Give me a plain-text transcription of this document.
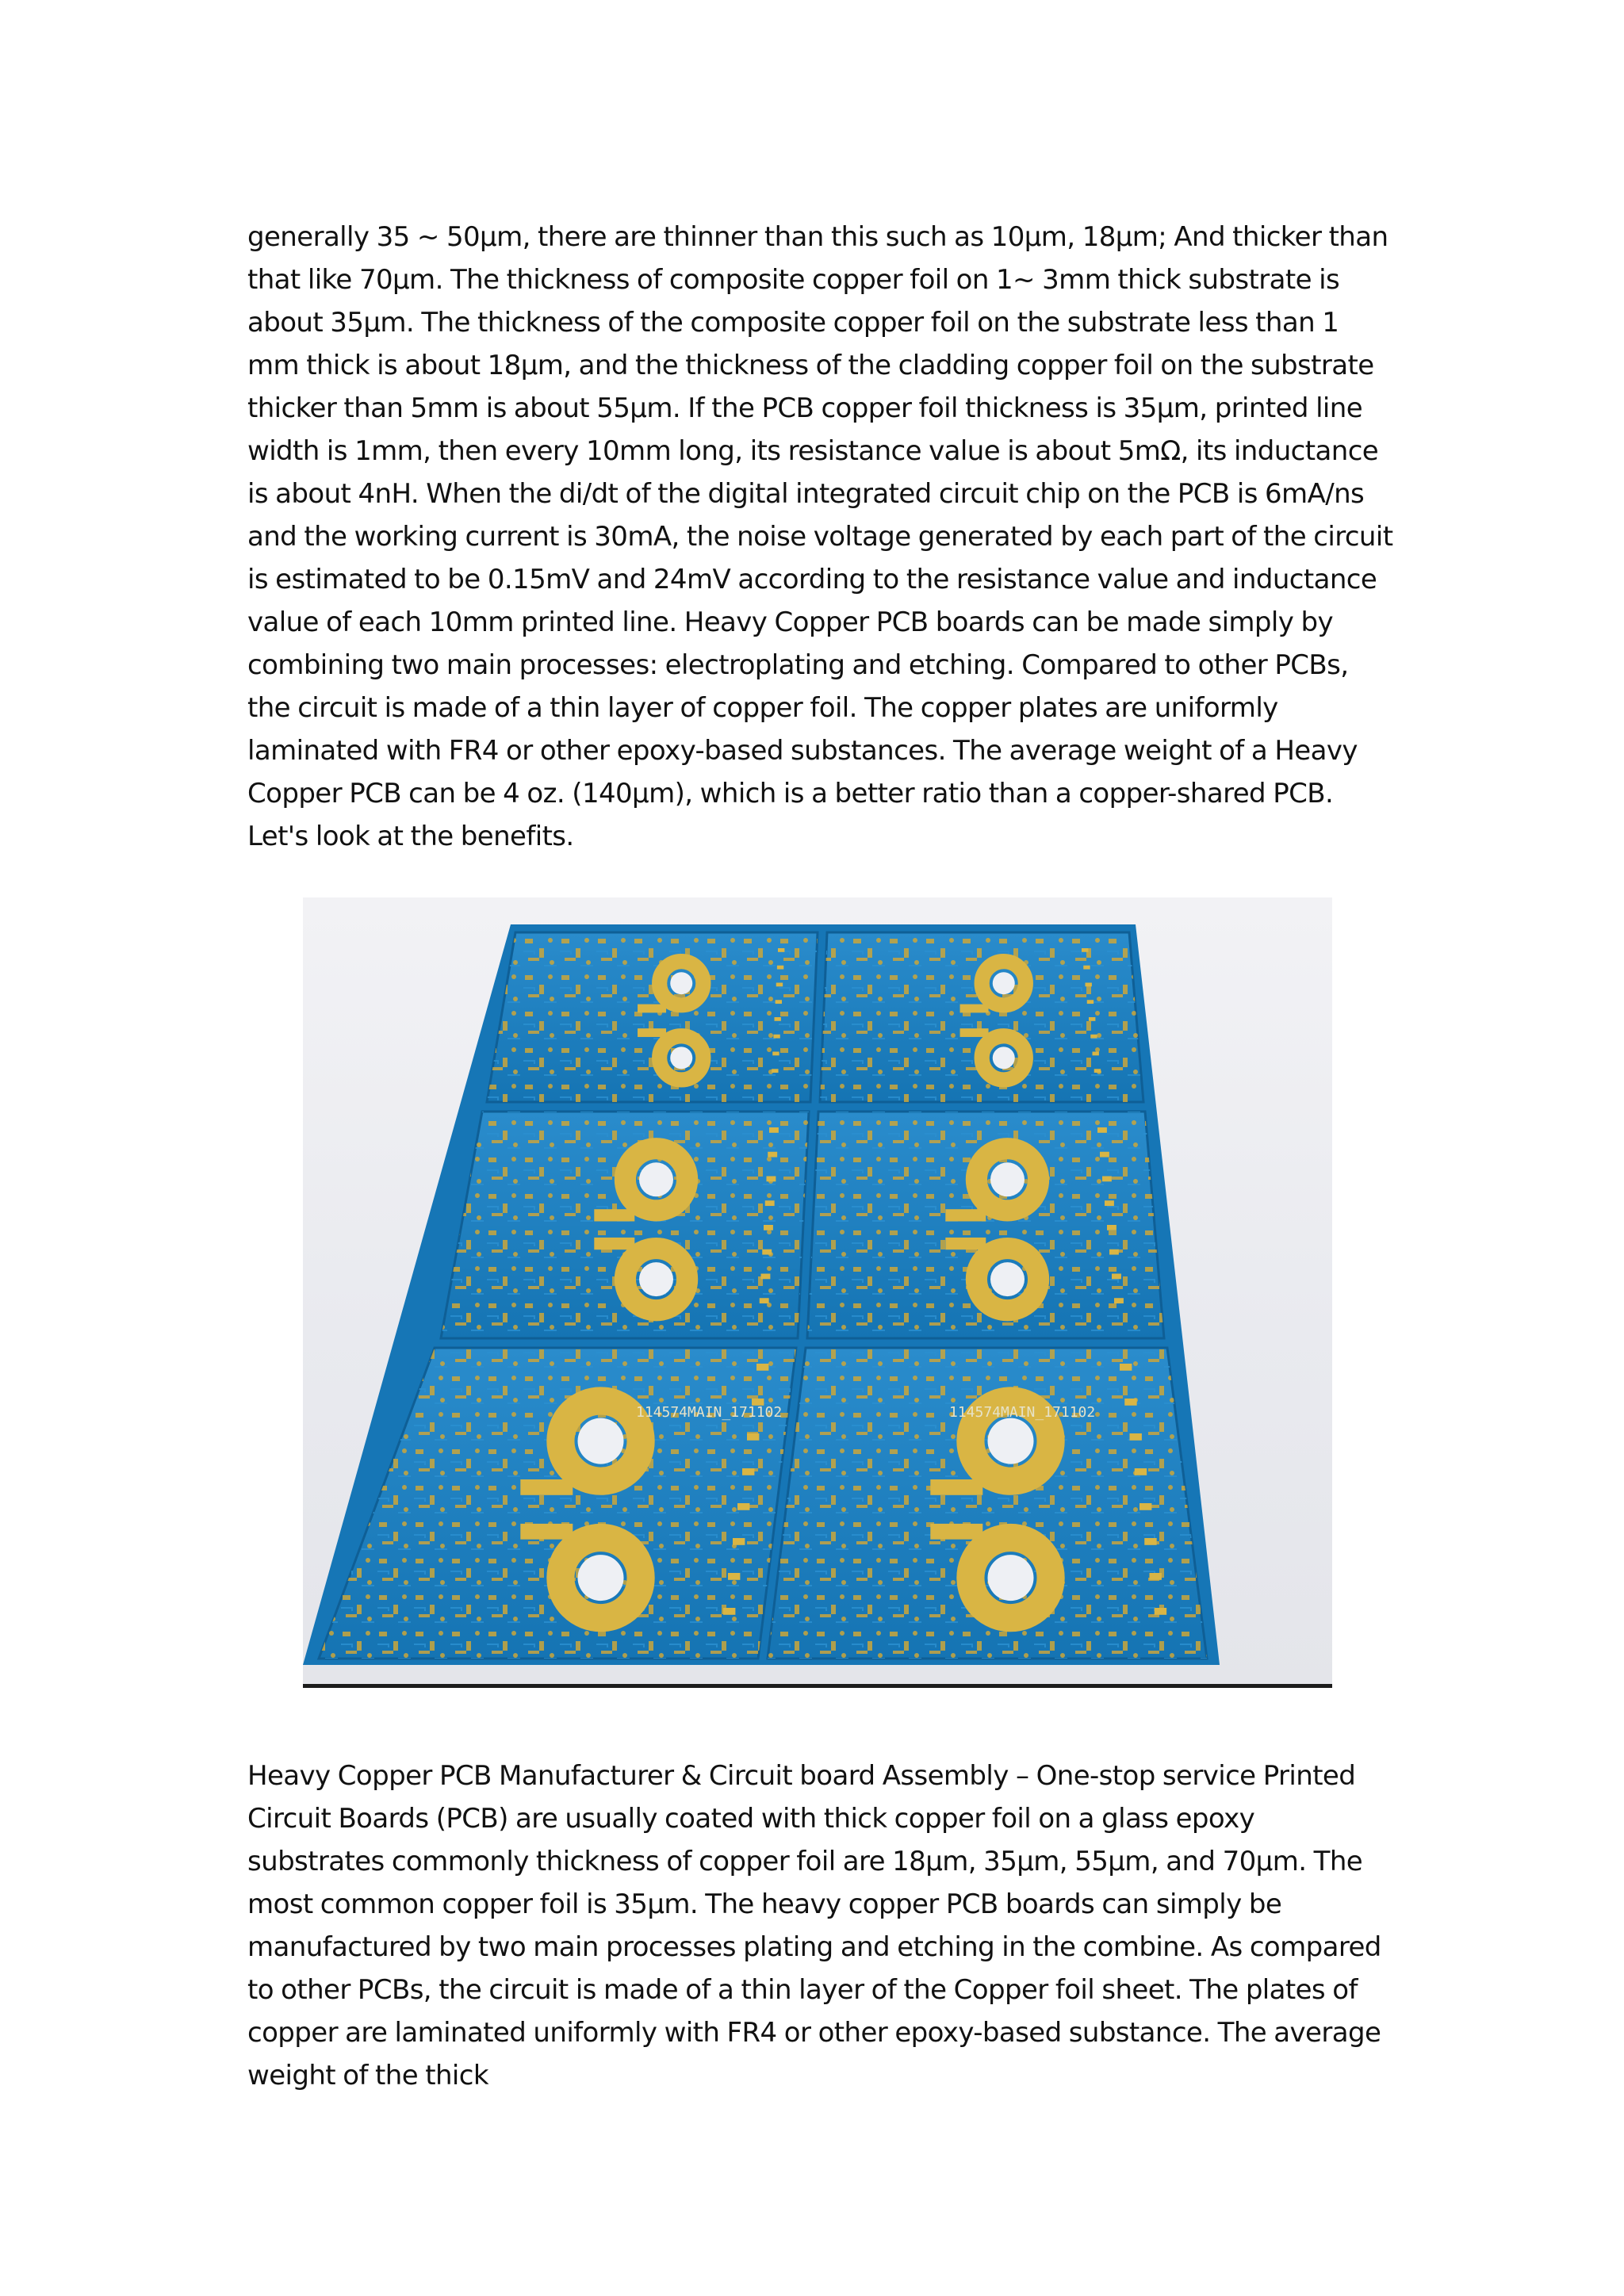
generally 35 ~ 50μm, there are thinner than this such as 10μm, 18μm; And thicker than that like 70μm. The thickness of composite copper foil on 1~ 3mm thick substrate is about 35μm. The thickness of the composite copper foil on the substrate less than 1 mm thick is about 18μm, and the thickness of the cladding copper foil on the substrate thicker than 5mm is about 55μm. If the PCB copper foil thickness is 35μm, printed line width is 1mm, then every 10mm long, its resistance value is about 5mΩ, its inductance is about 4nH. When the di/dt of the digital integrated circuit chip on the PCB is 6mA/ns and the working current is 30mA, the noise voltage generated by each part of the circuit is estimated to be 0.15mV and 24mV according to the resistance value and inductance value of each 10mm printed line. Heavy Copper PCB boards can be made simply by combining two main processes: electroplating and etching. Compared to other PCBs, the circuit is made of a thin layer of copper foil. The copper plates are uniformly laminated with FR4 or other epoxy-based substances. The average weight of a Heavy Copper PCB can be 4 oz. (140μm), which is a better ratio than a copper-shared PCB. Let's look at the benefits.

114574MAIN_171102	114574MAIN_171102

Heavy Copper PCB Manufacturer & Circuit board Assembly – One-stop service Printed Circuit Boards (PCB) are usually coated with thick copper foil on a glass epoxy substrates commonly thickness of copper foil are 18μm, 35μm, 55μm, and 70μm. The most common copper foil is 35μm. The heavy copper PCB boards can simply be manufactured by two main processes plating and etching in the combine. As compared to other PCBs, the circuit is made of a thin layer of the Copper foil sheet. The plates of copper are laminated uniformly with FR4 or other epoxy-based substance. The average weight of the thick
